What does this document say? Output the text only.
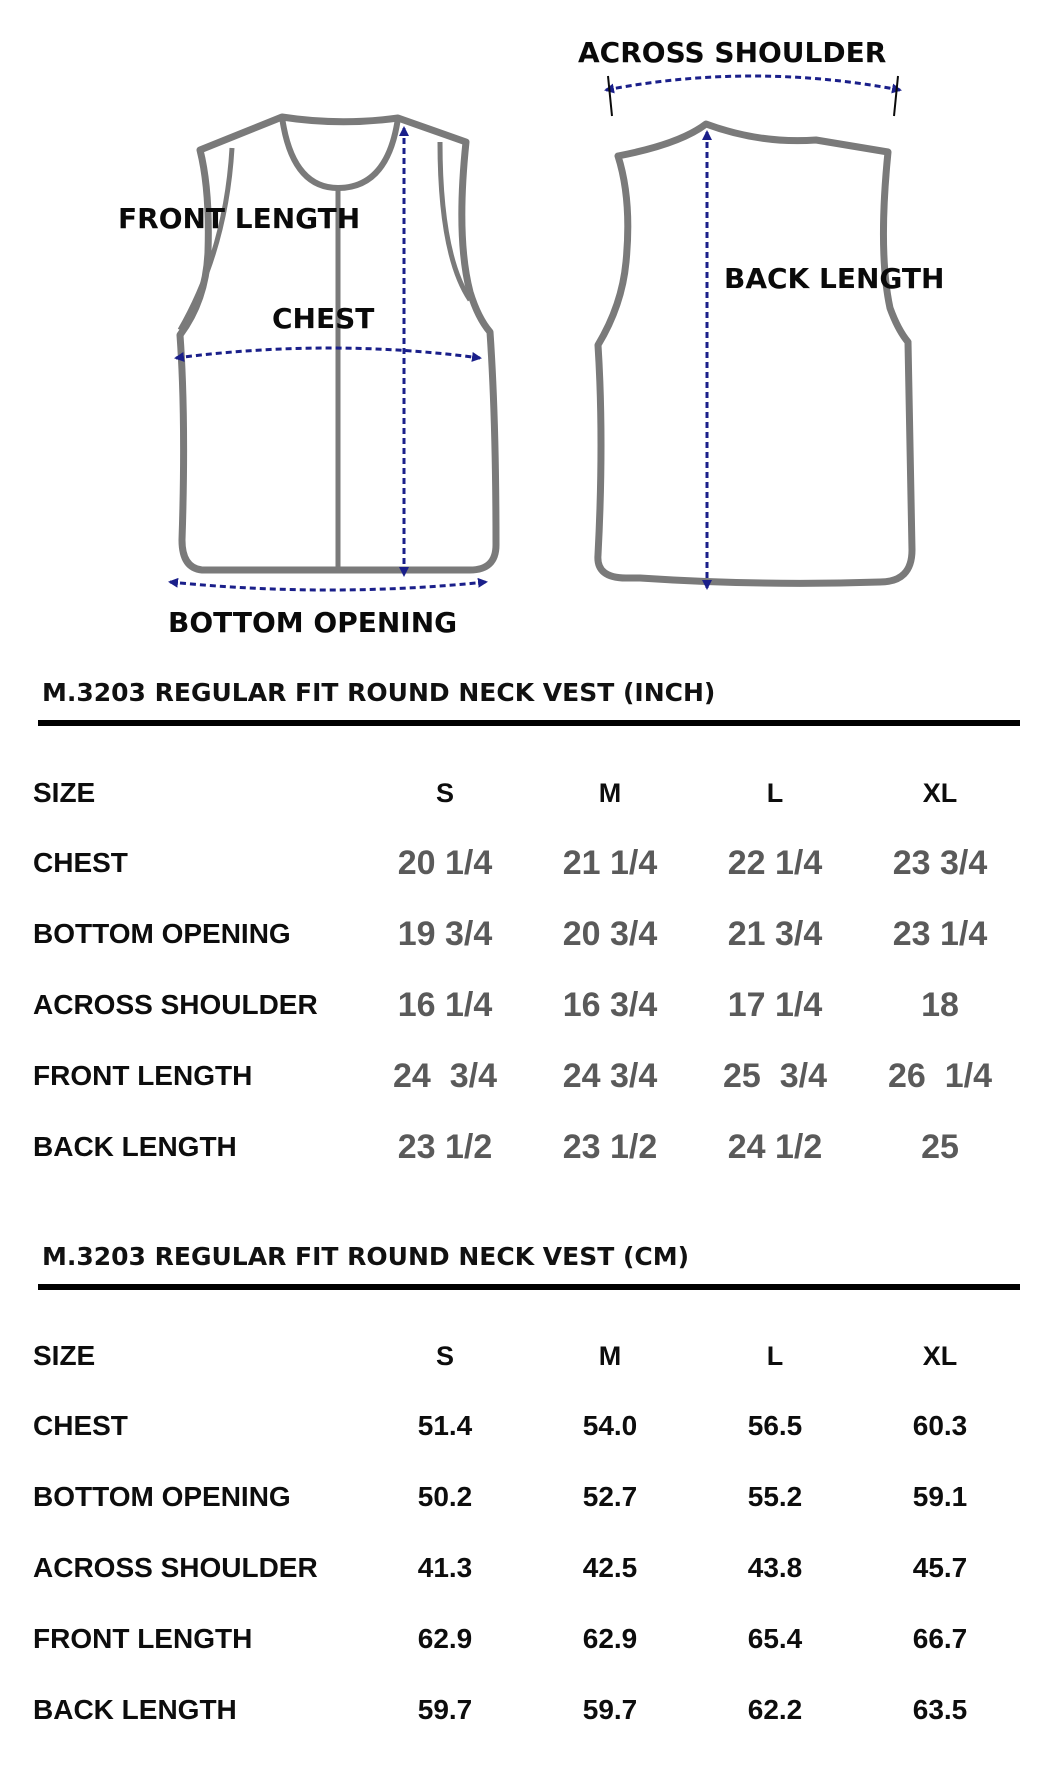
FRONT LENGTH
CHEST
BOTTOM OPENING
ACROSS SHOULDER
BACK LENGTH
M.3203 REGULAR FIT ROUND NECK VEST (INCH)
SIZE	S	M	L	XL
CHEST	20 1/4	21 1/4	22 1/4	23 3/4
BOTTOM OPENING	19 3/4	20 3/4	21 3/4	23 1/4
ACROSS SHOULDER	16 1/4	16 3/4	17 1/4	18
FRONT LENGTH	24  3/4	24 3/4	25  3/4	26  1/4
BACK LENGTH	23 1/2	23 1/2	24 1/2	25
M.3203 REGULAR FIT ROUND NECK VEST (CM)
SIZE	S	M	L	XL
CHEST	51.4	54.0	56.5	60.3
BOTTOM OPENING	50.2	52.7	55.2	59.1
ACROSS SHOULDER	41.3	42.5	43.8	45.7
FRONT LENGTH	62.9	62.9	65.4	66.7
BACK LENGTH	59.7	59.7	62.2	63.5
